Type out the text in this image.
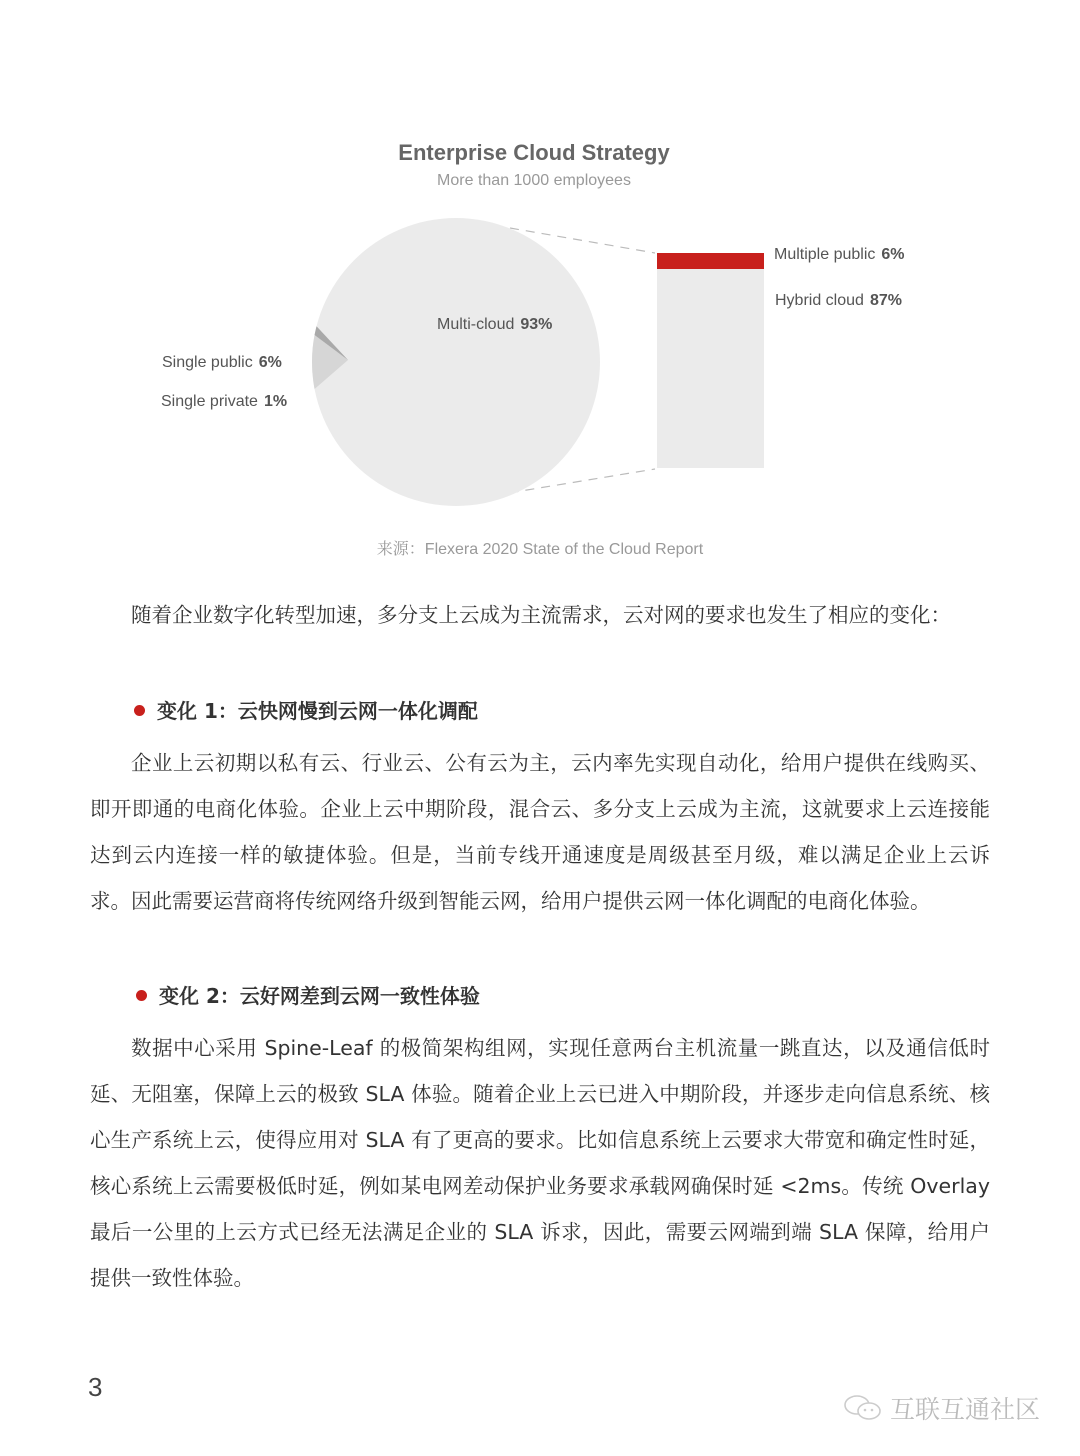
Enterprise Cloud Strategy
More than 1000 employees
Multi-cloud 93%
Single public 6%
Single private 1%
Multiple public 6%
Hybrid cloud 87%
来源：Flexera 2020 State of the Cloud Report
随着企业数字化转型加速，多分支上云成为主流需求，云对网的要求也发生了相应的变化：
变化 1：云快网慢到云网一体化调配
企业上云初期以私有云、行业云、公有云为主，云内率先实现自动化，给用户提供在线购买、即开即通的电商化体验。企业上云中期阶段，混合云、多分支上云成为主流，这就要求上云连接能达到云内连接一样的敏捷体验。但是，当前专线开通速度是周级甚至月级，难以满足企业上云诉求。因此需要运营商将传统网络升级到智能云网，给用户提供云网一体化调配的电商化体验。
变化 2：云好网差到云网一致性体验
数据中心采用 Spine-Leaf 的极简架构组网，实现任意两台主机流量一跳直达，以及通信低时延、无阻塞，保障上云的极致 SLA 体验。随着企业上云已进入中期阶段，并逐步走向信息系统、核心生产系统上云，使得应用对 SLA 有了更高的要求。比如信息系统上云要求大带宽和确定性时延，核心系统上云需要极低时延，例如某电网差动保护业务要求承载网确保时延 <2ms。传统 Overlay 最后一公里的上云方式已经无法满足企业的 SLA 诉求，因此，需要云网端到端 SLA 保障，给用户提供一致性体验。
3
互联互通社区
